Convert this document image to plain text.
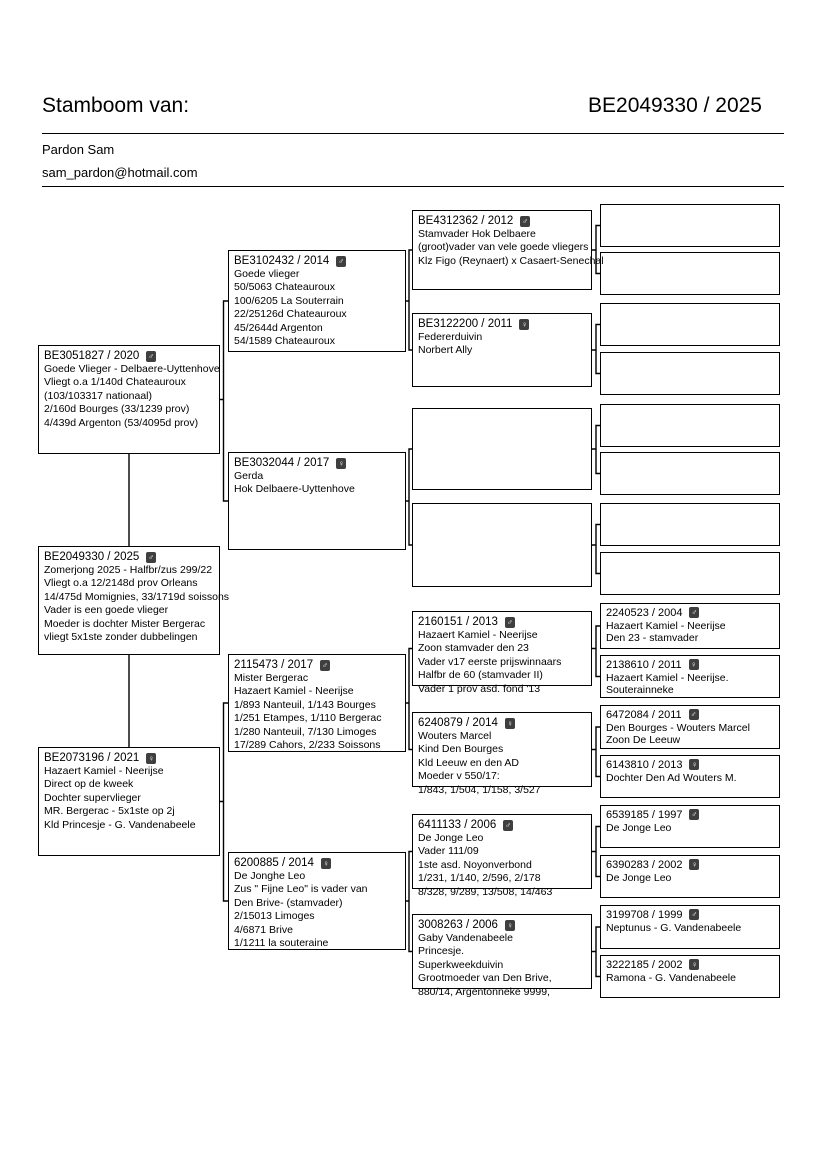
Stamboom van:	BE2049330 / 2025
Pardon Sam
sam_pardon@hotmail.com
BE3051827 / 2020 ♂
Goede Vlieger - Delbaere-Uyttenhove
Vliegt o.a 1/140d Chateauroux
(103/103317 nationaal)
2/160d Bourges (33/1239 prov)
4/439d Argenton (53/4095d prov)
BE2049330 / 2025 ♂
Zomerjong 2025 - Halfbr/zus 299/22
Vliegt o.a 12/2148d prov Orleans
14/475d Momignies, 33/1719d soissons
Vader is een goede vlieger
Moeder is dochter Mister Bergerac
vliegt 5x1ste zonder dubbelingen
BE2073196 / 2021 ♀
Hazaert Kamiel - Neerijse
Direct op de kweek
Dochter supervlieger
MR. Bergerac - 5x1ste op 2j
Kld Princesje - G. Vandenabeele
BE3102432 / 2014 ♂
Goede vlieger
50/5063 Chateauroux
100/6205 La Souterrain
22/25126d Chateauroux
45/2644d Argenton
54/1589 Chateauroux
BE3032044 / 2017 ♀
Gerda
Hok Delbaere-Uyttenhove
2115473 / 2017 ♂
Mister Bergerac
Hazaert Kamiel - Neerijse
1/893 Nanteuil, 1/143 Bourges
1/251 Etampes, 1/110 Bergerac
1/280 Nanteuil, 7/130 Limoges
17/289 Cahors, 2/233 Soissons
6200885 / 2014 ♀
De Jonghe Leo
Zus " Fijne Leo" is vader van
Den Brive- (stamvader)
2/15013 Limoges
4/6871 Brive
1/1211 la souteraine
BE4312362 / 2012 ♂
Stamvader Hok Delbaere
(groot)vader van vele goede vliegers
Klz Figo (Reynaert) x Casaert-Senechal
BE3122200 / 2011 ♀
Federerduivin
Norbert Ally
2160151 / 2013 ♂
Hazaert Kamiel - Neerijse
Zoon stamvader den 23
Vader v17 eerste prijswinnaars
Halfbr de 60 (stamvader II)
Vader 1 prov asd. fond '13
6240879 / 2014 ♀
Wouters Marcel
Kind Den Bourges
Kld Leeuw en den AD
Moeder v 550/17:
1/843, 1/504, 1/158, 3/527
6411133 / 2006 ♂
De Jonge Leo
Vader 111/09
1ste asd. Noyonverbond
1/231, 1/140, 2/596, 2/178
8/328, 9/289, 13/508, 14/463
3008263 / 2006 ♀
Gaby Vandenabeele
Princesje.
Superkweekduivin
Grootmoeder van Den Brive,
880/14, Argentonneke 9999,
2240523 / 2004 ♂
Hazaert Kamiel - Neerijse
Den 23 - stamvader
2138610 / 2011 ♀
Hazaert Kamiel - Neerijse.
Souterainneke
6472084 / 2011 ♂
Den Bourges - Wouters Marcel
Zoon De Leeuw
6143810 / 2013 ♀
Dochter Den Ad Wouters M.
6539185 / 1997 ♂
De Jonge Leo
6390283 / 2002 ♀
De Jonge Leo
3199708 / 1999 ♂
Neptunus - G. Vandenabeele
3222185 / 2002 ♀
Ramona - G. Vandenabeele
